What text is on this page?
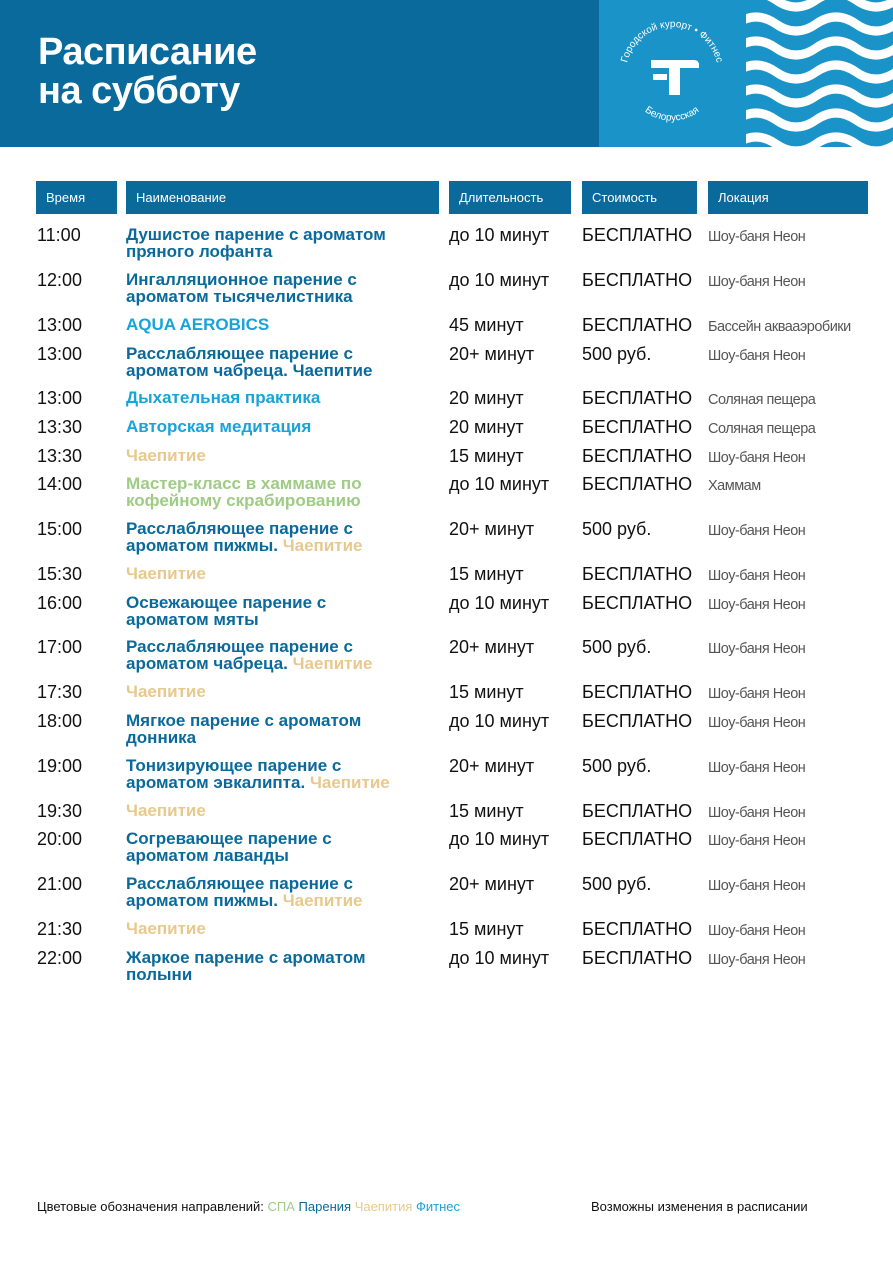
Расписание
на субботу
Городской курорт • Фитнес
Белорусская
Время	Наименование	Длительность	Стоимость	Локация
11:00	Душистое парение с ароматом
пряного лофанта
до 10 минут БЕСПЛАТНО Шоу-баня Неон
12:00	Ингалляционное парение с
ароматом тысячелистника
до 10 минут БЕСПЛАТНО Шоу-баня Неон
13:00	AQUA AEROBICS	45 минут	БЕСПЛАТНО Бассейн аквааэробики
13:00	Расслабляющее парение с
ароматом чабреца. Чаепитие
20+ минут	500 руб.	Шоу-баня Неон
13:00	Дыхательная практика	20 минут	БЕСПЛАТНО Соляная пещера
13:30	Авторская медитация	20 минут	БЕСПЛАТНО Соляная пещера
13:30	Чаепитие	15 минут	БЕСПЛАТНО Шоу-баня Неон
14:00	Мастер-класс в хаммаме по
кофейному скрабированию
до 10 минут БЕСПЛАТНО Хаммам
15:00	Расслабляющее парение с
ароматом пижмы. Чаепитие
20+ минут	500 руб.	Шоу-баня Неон
15:30	Чаепитие	15 минут	БЕСПЛАТНО Шоу-баня Неон
16:00	Освежающее парение с
ароматом мяты
до 10 минут БЕСПЛАТНО Шоу-баня Неон
17:00	Расслабляющее парение с
ароматом чабреца. Чаепитие
20+ минут	500 руб.	Шоу-баня Неон
17:30	Чаепитие	15 минут	БЕСПЛАТНО Шоу-баня Неон
18:00	Мягкое парение с ароматом
донника
до 10 минут БЕСПЛАТНО Шоу-баня Неон
19:00	Тонизирующее парение с
ароматом эвкалипта. Чаепитие
20+ минут	500 руб.	Шоу-баня Неон
19:30	Чаепитие	15 минут	БЕСПЛАТНО Шоу-баня Неон
20:00	Согревающее парение с
ароматом лаванды
до 10 минут БЕСПЛАТНО Шоу-баня Неон
21:00	Расслабляющее парение с
ароматом пижмы. Чаепитие
20+ минут	500 руб.	Шоу-баня Неон
21:30	Чаепитие	15 минут	БЕСПЛАТНО Шоу-баня Неон
22:00	Жаркое парение с ароматом
полыни
до 10 минут БЕСПЛАТНО Шоу-баня Неон
Цветовые обозначения направлений: СПА Парения Чаепития Фитнес	Возможны изменения в расписании
